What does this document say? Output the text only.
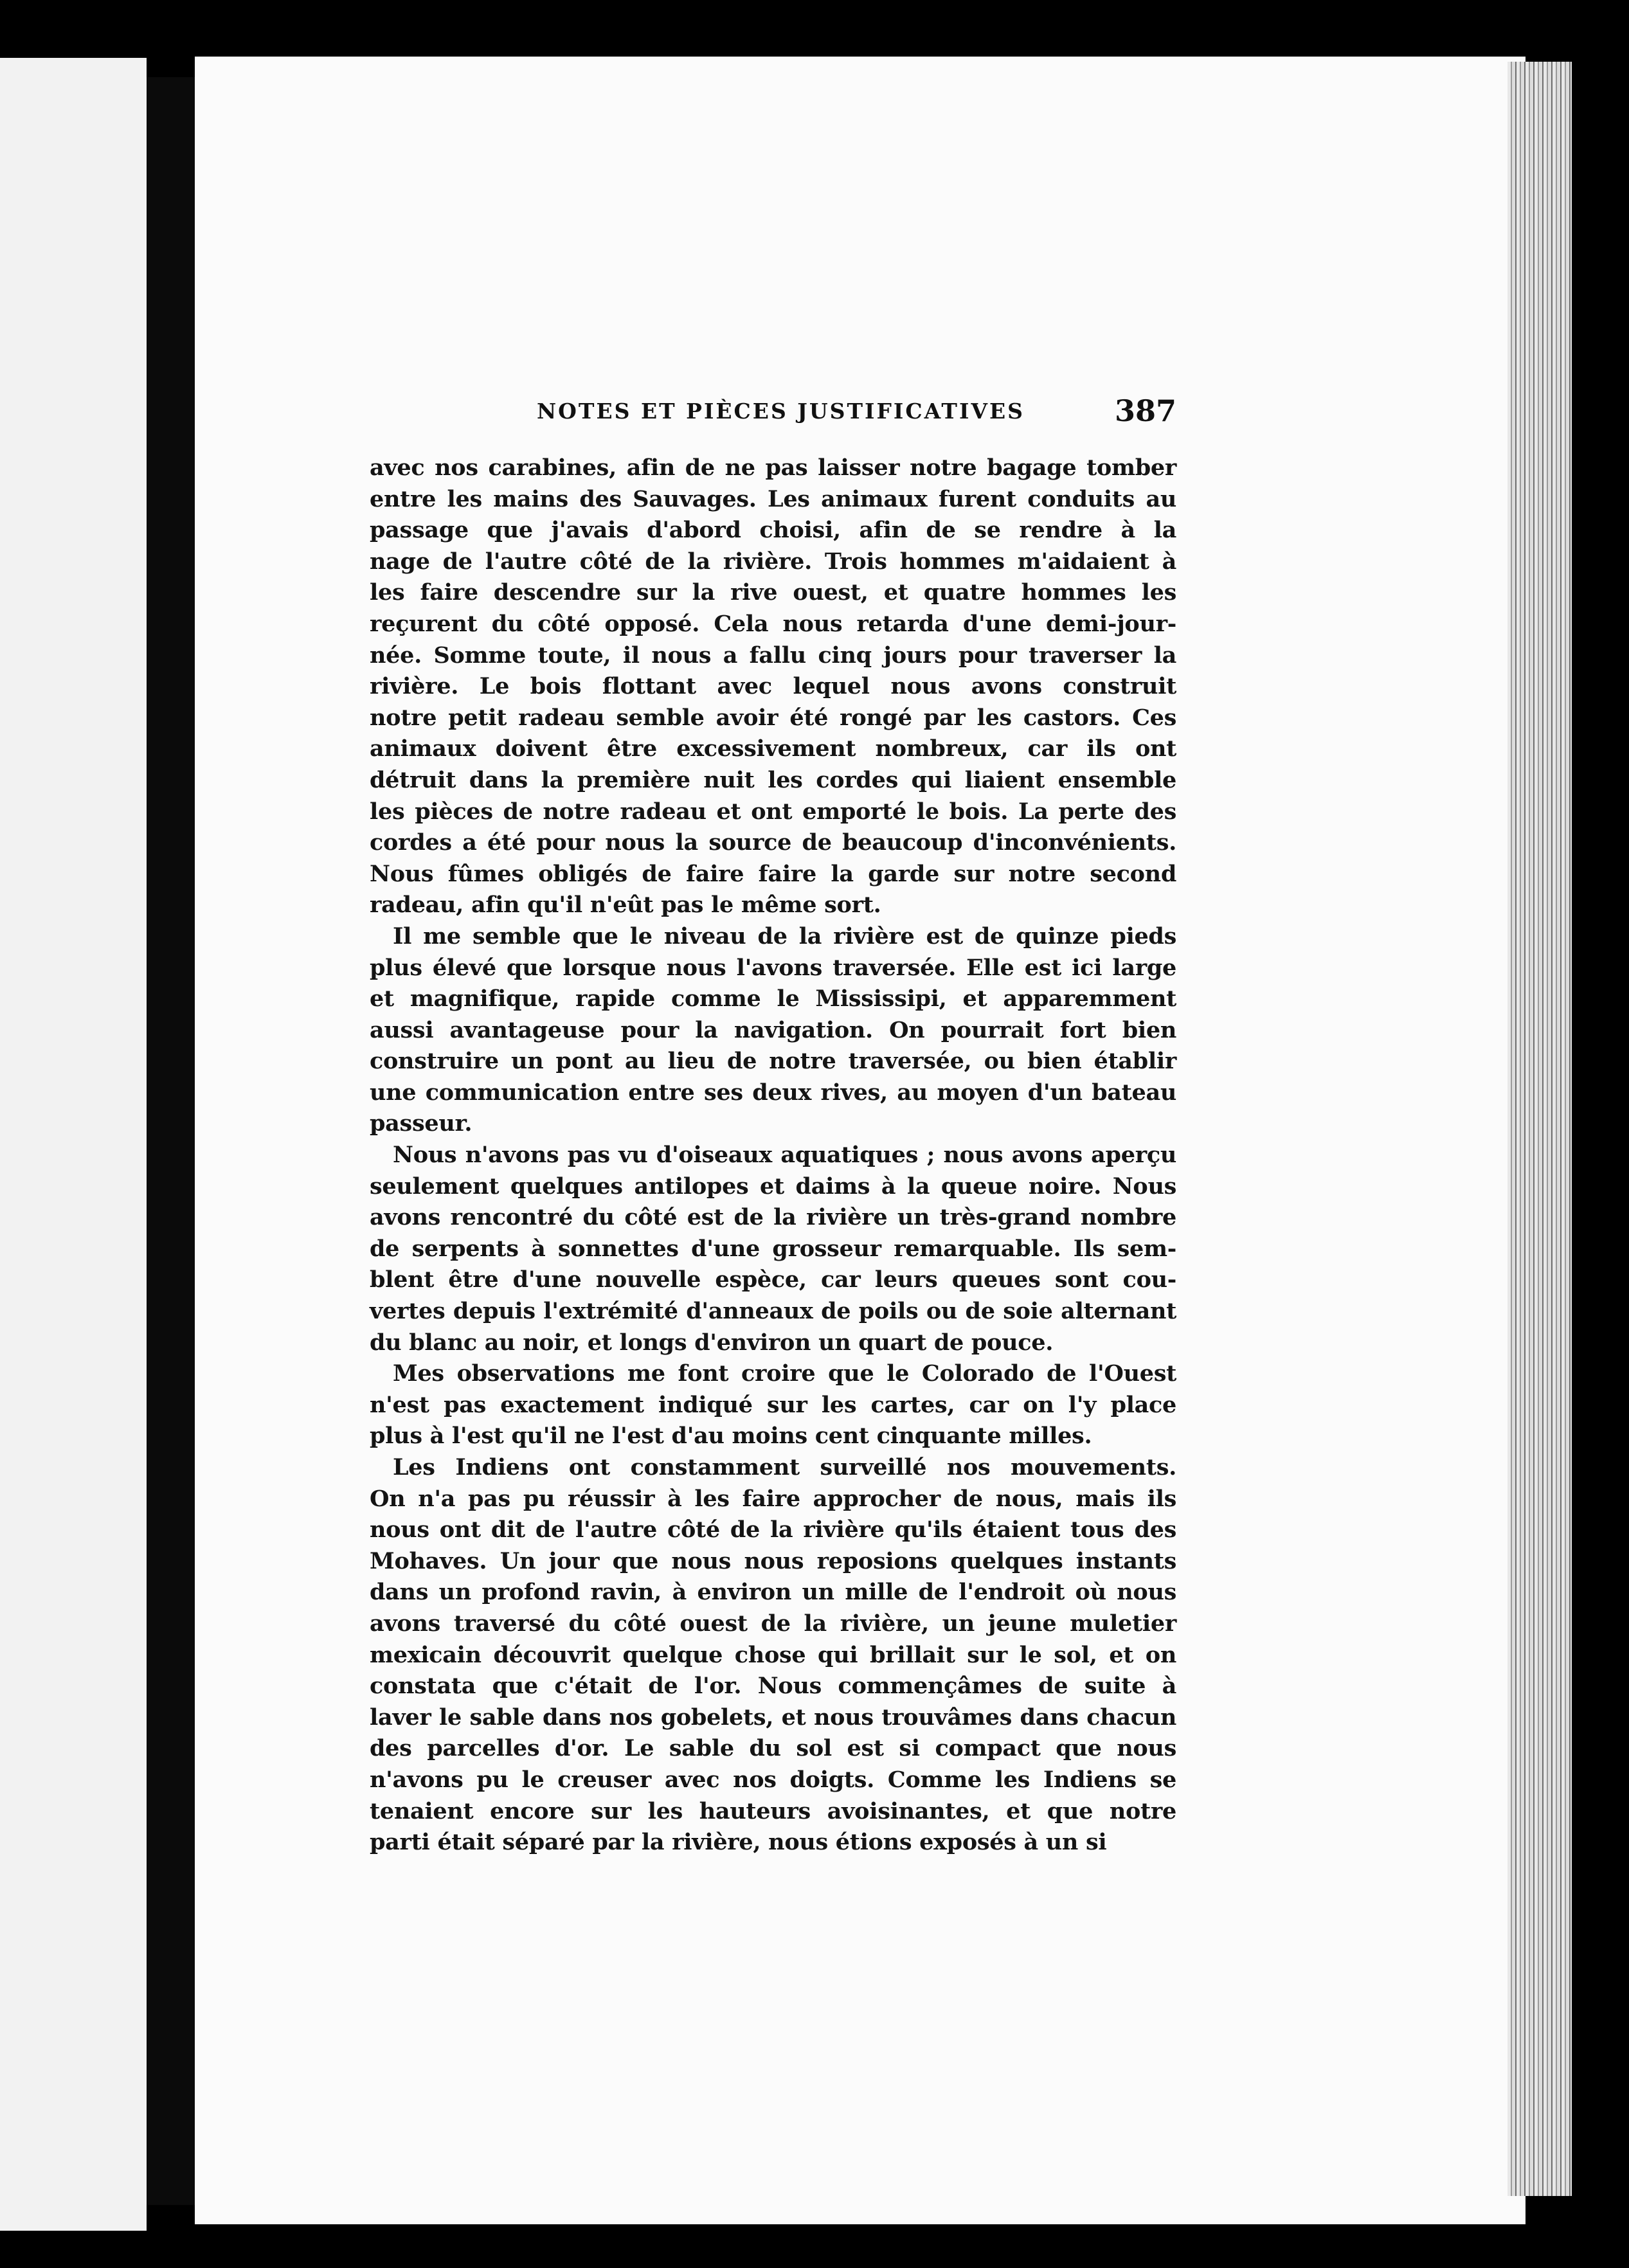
NOTES ET PIÈCES JUSTIFICATIVES	387

avec nos carabines, afin de ne pas laisser notre bagage tomber
entre les mains des Sauvages. Les animaux furent conduits au
passage que j'avais d'abord choisi, afin de se rendre à la
nage de l'autre côté de la rivière. Trois hommes m'aidaient à
les faire descendre sur la rive ouest, et quatre hommes les
reçurent du côté opposé. Cela nous retarda d'une demi-jour-
née. Somme toute, il nous a fallu cinq jours pour traverser la
rivière. Le bois flottant avec lequel nous avons construit
notre petit radeau semble avoir été rongé par les castors. Ces
animaux doivent être excessivement nombreux, car ils ont
détruit dans la première nuit les cordes qui liaient ensemble
les pièces de notre radeau et ont emporté le bois. La perte des
cordes a été pour nous la source de beaucoup d'inconvénients.
Nous fûmes obligés de faire faire la garde sur notre second
radeau, afin qu'il n'eût pas le même sort.

Il me semble que le niveau de la rivière est de quinze pieds
plus élevé que lorsque nous l'avons traversée. Elle est ici large
et magnifique, rapide comme le Mississipi, et apparemment
aussi avantageuse pour la navigation. On pourrait fort bien
construire un pont au lieu de notre traversée, ou bien établir
une communication entre ses deux rives, au moyen d'un bateau
passeur.

Nous n'avons pas vu d'oiseaux aquatiques ; nous avons aperçu
seulement quelques antilopes et daims à la queue noire. Nous
avons rencontré du côté est de la rivière un très-grand nombre
de serpents à sonnettes d'une grosseur remarquable. Ils sem-
blent être d'une nouvelle espèce, car leurs queues sont cou-
vertes depuis l'extrémité d'anneaux de poils ou de soie alternant
du blanc au noir, et longs d'environ un quart de pouce.

Mes observations me font croire que le Colorado de l'Ouest
n'est pas exactement indiqué sur les cartes, car on l'y place
plus à l'est qu'il ne l'est d'au moins cent cinquante milles.

Les Indiens ont constamment surveillé nos mouvements.
On n'a pas pu réussir à les faire approcher de nous, mais ils
nous ont dit de l'autre côté de la rivière qu'ils étaient tous des
Mohaves. Un jour que nous nous reposions quelques instants
dans un profond ravin, à environ un mille de l'endroit où nous
avons traversé du côté ouest de la rivière, un jeune muletier
mexicain découvrit quelque chose qui brillait sur le sol, et on
constata que c'était de l'or. Nous commençâmes de suite à
laver le sable dans nos gobelets, et nous trouvâmes dans chacun
des parcelles d'or. Le sable du sol est si compact que nous
n'avons pu le creuser avec nos doigts. Comme les Indiens se
tenaient encore sur les hauteurs avoisinantes, et que notre
parti était séparé par la rivière, nous étions exposés à un si
